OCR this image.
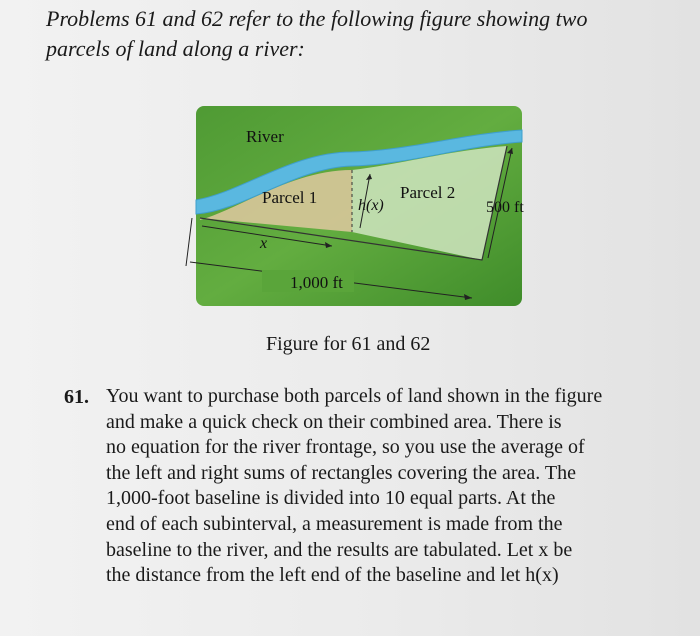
Problems 61 and 62 refer to the following figure showing two
parcels of land along a river:
River
Parcel 1	Parcel 2
h(x)
x
1,000 ft
500 ft
Figure for 61 and 62
61. You want to purchase both parcels of land shown in the figure
and make a quick check on their combined area. There is
no equation for the river frontage, so you use the average of
the left and right sums of rectangles covering the area. The
1,000-foot baseline is divided into 10 equal parts. At the
end of each subinterval, a measurement is made from the
baseline to the river, and the results are tabulated. Let x be
the distance from the left end of the baseline and let h(x)
